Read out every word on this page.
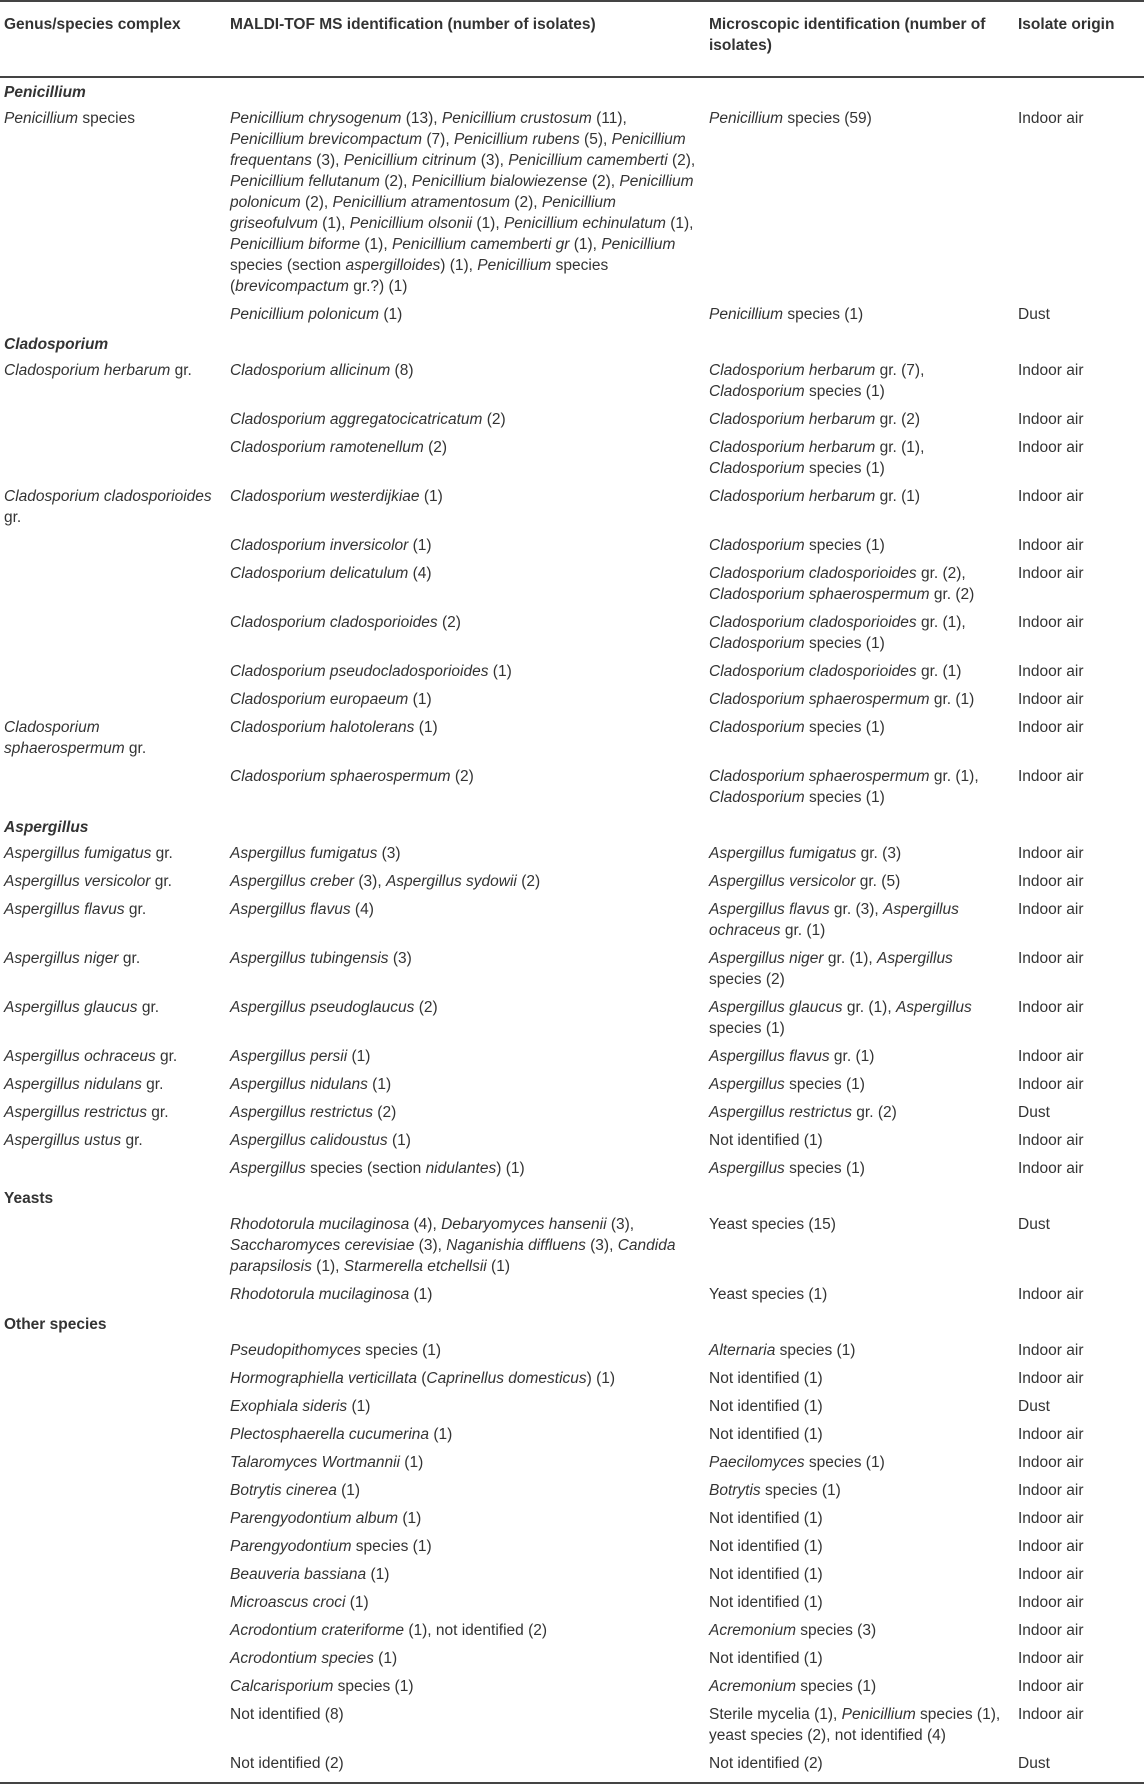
Genus/species complex	MALDI-TOF MS identification (number of isolates)	Microscopic identification (number of isolates)	Isolate origin
Penicillium			
Penicillium species	Penicillium chrysogenum (13), Penicillium crustosum (11), Penicillium brevicompactum (7), Penicillium rubens (5), Penicillium frequentans (3), Penicillium citrinum (3), Penicillium camemberti (2), Penicillium fellutanum (2), Penicillium bialowiezense (2), Penicillium polonicum (2), Penicillium atramentosum (2), Penicillium griseofulvum (1), Penicillium olsonii (1), Penicillium echinulatum (1), Penicillium biforme (1), Penicillium camemberti gr (1), Penicillium species (section aspergilloides) (1), Penicillium species (brevicompactum gr.?) (1)	Penicillium species (59)	Indoor air
	Penicillium polonicum (1)	Penicillium species (1)	Dust
Cladosporium			
Cladosporium herbarum gr.	Cladosporium allicinum (8)	Cladosporium herbarum gr. (7), Cladosporium species (1)	Indoor air
	Cladosporium aggregatocicatricatum (2)	Cladosporium herbarum gr. (2)	Indoor air
	Cladosporium ramotenellum (2)	Cladosporium herbarum gr. (1), Cladosporium species (1)	Indoor air
Cladosporium cladosporioides gr.	Cladosporium westerdijkiae (1)	Cladosporium herbarum gr. (1)	Indoor air
	Cladosporium inversicolor (1)	Cladosporium species (1)	Indoor air
	Cladosporium delicatulum (4)	Cladosporium cladosporioides gr. (2), Cladosporium sphaerospermum gr. (2)	Indoor air
	Cladosporium cladosporioides (2)	Cladosporium cladosporioides gr. (1), Cladosporium species (1)	Indoor air
	Cladosporium pseudocladosporioides (1)	Cladosporium cladosporioides gr. (1)	Indoor air
	Cladosporium europaeum (1)	Cladosporium sphaerospermum gr. (1)	Indoor air
Cladosporium sphaerospermum gr.	Cladosporium halotolerans (1)	Cladosporium species (1)	Indoor air
	Cladosporium sphaerospermum (2)	Cladosporium sphaerospermum gr. (1), Cladosporium species (1)	Indoor air
Aspergillus			
Aspergillus fumigatus gr.	Aspergillus fumigatus (3)	Aspergillus fumigatus gr. (3)	Indoor air
Aspergillus versicolor gr.	Aspergillus creber (3), Aspergillus sydowii (2)	Aspergillus versicolor gr. (5)	Indoor air
Aspergillus flavus gr.	Aspergillus flavus (4)	Aspergillus flavus gr. (3), Aspergillus ochraceus gr. (1)	Indoor air
Aspergillus niger gr.	Aspergillus tubingensis (3)	Aspergillus niger gr. (1), Aspergillus species (2)	Indoor air
Aspergillus glaucus gr.	Aspergillus pseudoglaucus (2)	Aspergillus glaucus gr. (1), Aspergillus species (1)	Indoor air
Aspergillus ochraceus gr.	Aspergillus persii (1)	Aspergillus flavus gr. (1)	Indoor air
Aspergillus nidulans gr.	Aspergillus nidulans (1)	Aspergillus species (1)	Indoor air
Aspergillus restrictus gr.	Aspergillus restrictus (2)	Aspergillus restrictus gr. (2)	Dust
Aspergillus ustus gr.	Aspergillus calidoustus (1)	Not identified (1)	Indoor air
	Aspergillus species (section nidulantes) (1)	Aspergillus species (1)	Indoor air
Yeasts			
	Rhodotorula mucilaginosa (4), Debaryomyces hansenii (3), Saccharomyces cerevisiae (3), Naganishia diffluens (3), Candida parapsilosis (1), Starmerella etchellsii (1)	Yeast species (15)	Dust
	Rhodotorula mucilaginosa (1)	Yeast species (1)	Indoor air
Other species			
	Pseudopithomyces species (1)	Alternaria species (1)	Indoor air
	Hormographiella verticillata (Caprinellus domesticus) (1)	Not identified (1)	Indoor air
	Exophiala sideris (1)	Not identified (1)	Dust
	Plectosphaerella cucumerina (1)	Not identified (1)	Indoor air
	Talaromyces Wortmannii (1)	Paecilomyces species (1)	Indoor air
	Botrytis cinerea (1)	Botrytis species (1)	Indoor air
	Parengyodontium album (1)	Not identified (1)	Indoor air
	Parengyodontium species (1)	Not identified (1)	Indoor air
	Beauveria bassiana (1)	Not identified (1)	Indoor air
	Microascus croci (1)	Not identified (1)	Indoor air
	Acrodontium crateriforme (1), not identified (2)	Acremonium species (3)	Indoor air
	Acrodontium species (1)	Not identified (1)	Indoor air
	Calcarisporium species (1)	Acremonium species (1)	Indoor air
	Not identified (8)	Sterile mycelia (1), Penicillium species (1), yeast species (2), not identified (4)	Indoor air
	Not identified (2)	Not identified (2)	Dust
